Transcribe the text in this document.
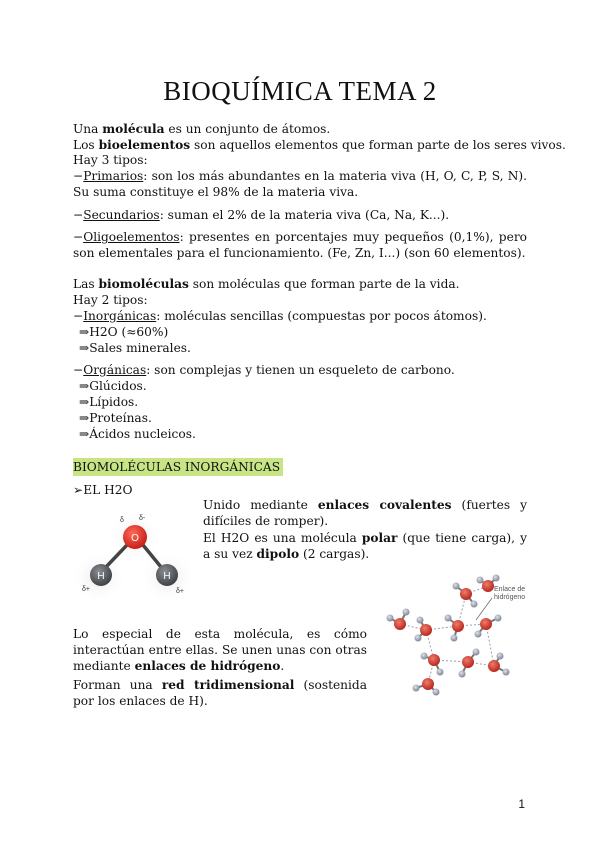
BIOQUÍMICA TEMA 2
Una molécula es un conjunto de átomos.
Los bioelementos son aquellos elementos que forman parte de los seres vivos.
Hay 3 tipos:
−Primarios: son los más abundantes en la materia viva (H, O, C, P, S, N). Su suma constituye el 98% de la materia viva.
−Secundarios: suman el 2% de la materia viva (Ca, Na, K...).
−Oligoelementos: presentes en porcentajes muy pequeños (0,1%), pero son elementales para el funcionamiento. (Fe, Zn, I...) (son 60 elementos).
Las biomoléculas son moléculas que forman parte de la vida.
Hay 2 tipos:
−Inorgánicas: moléculas sencillas (compuestas por pocos átomos).
⇒H2O (≈60%)
⇒Sales minerales.
−Orgánicas: son complejas y tienen un esqueleto de carbono.
⇒Glúcidos.
⇒Lípidos.
⇒Proteínas.
⇒Ácidos nucleicos.
BIOMOLÉCULAS INORGÁNICAS
➢EL H2O
O
H	H
δ δ-
δ+	δ+
Unido mediante enlaces covalentes (fuertes y difíciles de romper).
El H2O es una molécula polar (que tiene carga), y a su vez dipolo (2 cargas).
Enlace de
hidrógeno
Lo especial de esta molécula, es cómo interactúan entre ellas. Se unen unas con otras mediante enlaces de hidrógeno.
Forman una red tridimensional (sostenida por los enlaces de H).
1
